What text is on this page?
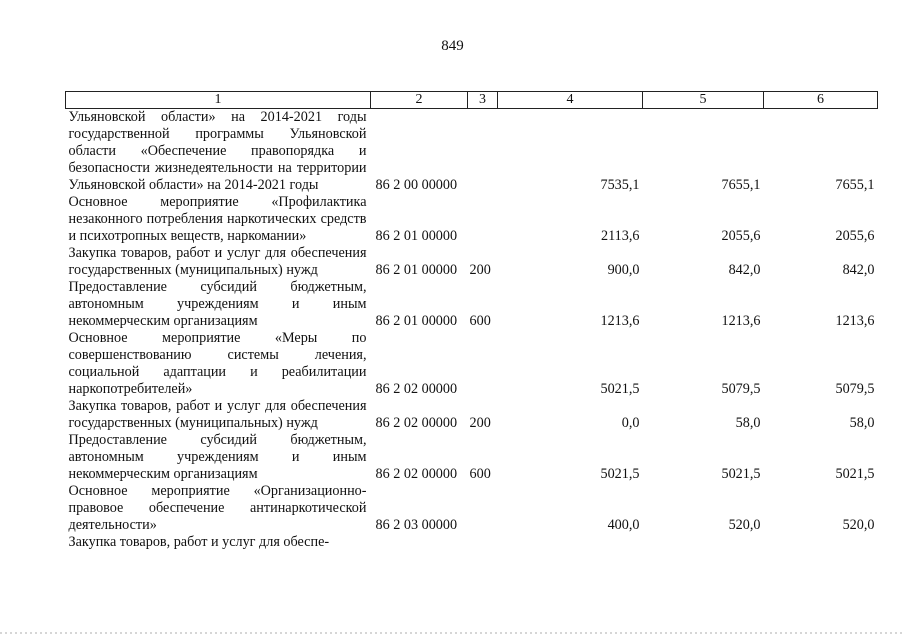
849
1	2	3	4	5	6
Ульяновской области» на 2014-2021 годы государственной программы Ульяновской области «Обеспечение правопорядка и безопасности жизнедеятельности на территории Ульяновской области» на 2014-2021 годы	86 2 00 00000		7535,1	7655,1	7655,1
Основное мероприятие «Профилактика незаконного потребления наркотических средств и психотропных веществ, наркомании»	86 2 01 00000		2113,6	2055,6	2055,6
Закупка товаров, работ и услуг для обеспечения государственных (муниципальных) нужд	86 2 01 00000	200	900,0	842,0	842,0
Предоставление субсидий бюджетным, автономным учреждениям и иным некоммерческим организациям	86 2 01 00000	600	1213,6	1213,6	1213,6
Основное мероприятие «Меры по совершенствованию системы лечения, социальной адаптации и реабилитации наркопотребителей»	86 2 02 00000		5021,5	5079,5	5079,5
Закупка товаров, работ и услуг для обеспечения государственных (муниципальных) нужд	86 2 02 00000	200	0,0	58,0	58,0
Предоставление субсидий бюджетным, автономным учреждениям и иным некоммерческим организациям	86 2 02 00000	600	5021,5	5021,5	5021,5
Основное мероприятие «Организационно-правовое обеспечение антинаркотической деятельности»	86 2 03 00000		400,0	520,0	520,0
Закупка товаров, работ и услуг для обеспе-					
